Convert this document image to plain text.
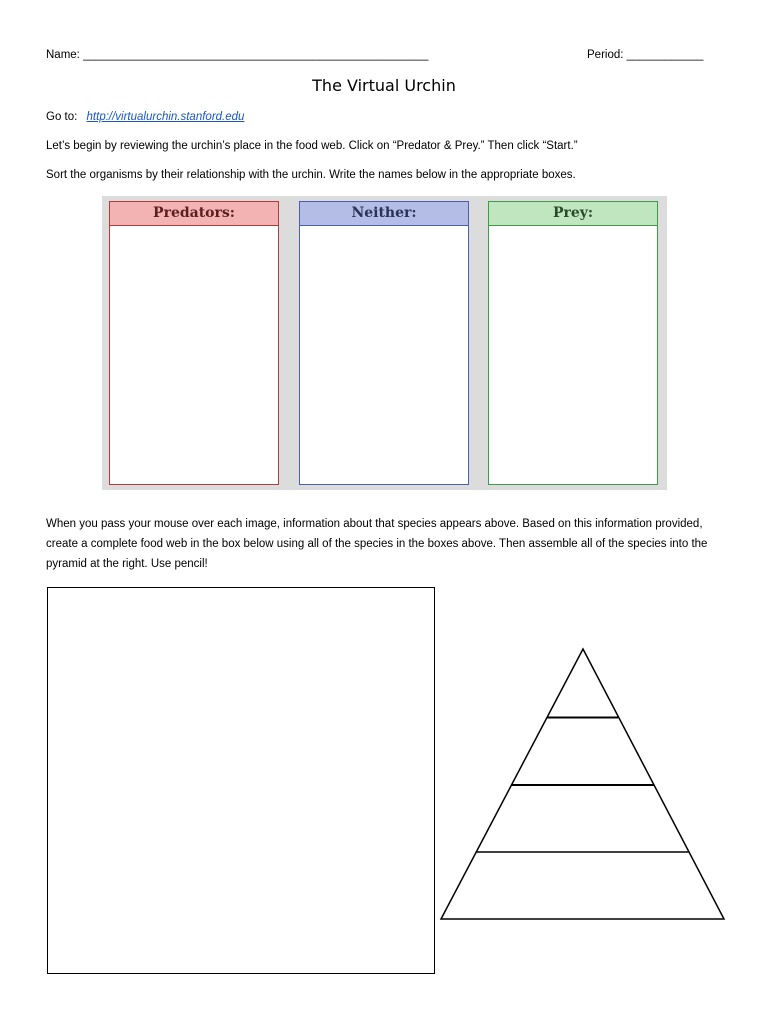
Name: ______________________________________________________	Period: ____________
The Virtual Urchin
Go to: http://virtualurchin.stanford.edu
Let’s begin by reviewing the urchin’s place in the food web. Click on “Predator & Prey.” Then click “Start.”
Sort the organisms by their relationship with the urchin. Write the names below in the appropriate boxes.
Predators:	Neither:	Prey:
When you pass your mouse over each image, information about that species appears above. Based on this information provided, create a complete food web in the box below using all of the species in the boxes above. Then assemble all of the species into the pyramid at the right. Use pencil!
